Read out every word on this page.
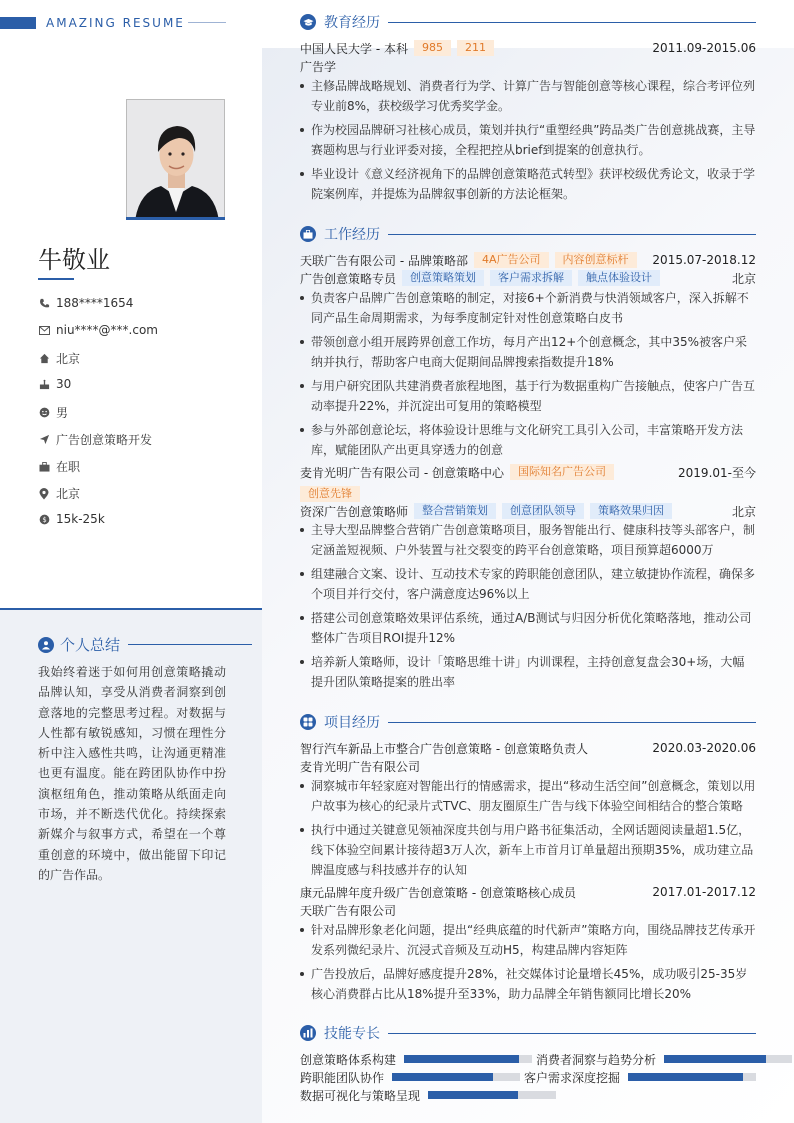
AMAZING RESUME
牛敬业
188****1654
niu****@***.com
北京
30
男
广告创意策略开发
在职
北京
$ 15k-25k
个人总结
我始终着迷于如何用创意策略撬动品牌认知，享受从消费者洞察到创意落地的完整思考过程。对数据与人性都有敏锐感知，习惯在理性分析中注入感性共鸣，让沟通更精准也更有温度。能在跨团队协作中扮演枢纽角色，推动策略从纸面走向市场，并不断迭代优化。持续探索新媒介与叙事方式，希望在一个尊重创意的环境中，做出能留下印记的广告作品。
教育经历
中国人民大学 - 本科	985	211	2011.09-2015.06
广告学
主修品牌战略规划、消费者行为学、计算广告与智能创意等核心课程，综合考评位列专业前8%，获校级学习优秀奖学金。
作为校园品牌研习社核心成员，策划并执行“重塑经典”跨品类广告创意挑战赛，主导赛题构思与行业评委对接，全程把控从brief到提案的创意执行。
毕业设计《意义经济视角下的品牌创意策略范式转型》获评校级优秀论文，收录于学院案例库，并提炼为品牌叙事创新的方法论框架。
工作经历
天联广告有限公司 - 品牌策略部	4A广告公司	内容创意标杆	2015.07-2018.12
广告创意策略专员	创意策略策划	客户需求拆解	触点体验设计	北京
负责客户品牌广告创意策略的制定，对接6+个新消费与快消领域客户，深入拆解不同产品生命周期需求，为每季度制定针对性创意策略白皮书
带领创意小组开展跨界创意工作坊，每月产出12+个创意概念，其中35%被客户采纳并执行，帮助客户电商大促期间品牌搜索指数提升18%
与用户研究团队共建消费者旅程地图，基于行为数据重构广告接触点，使客户广告互动率提升22%，并沉淀出可复用的策略模型
参与外部创意论坛，将体验设计思维与文化研究工具引入公司，丰富策略开发方法库，赋能团队产出更具穿透力的创意
麦肯光明广告有限公司 - 创意策略中心	国际知名广告公司	2019.01-至今
创意先锋
资深广告创意策略师	整合营销策划	创意团队领导	策略效果归因	北京
主导大型品牌整合营销广告创意策略项目，服务智能出行、健康科技等头部客户，制定涵盖短视频、户外装置与社交裂变的跨平台创意策略，项目预算超6000万
组建融合文案、设计、互动技术专家的跨职能创意团队，建立敏捷协作流程，确保多个项目并行交付，客户满意度达96%以上
搭建公司创意策略效果评估系统，通过A/B测试与归因分析优化策略落地，推动公司整体广告项目ROI提升12%
培养新人策略师，设计「策略思维十讲」内训课程，主持创意复盘会30+场，大幅提升团队策略提案的胜出率
项目经历
智行汽车新品上市整合广告创意策略 - 创意策略负责人	2020.03-2020.06
麦肯光明广告有限公司
洞察城市年轻家庭对智能出行的情感需求，提出“移动生活空间”创意概念，策划以用户故事为核心的纪录片式TVC、朋友圈原生广告与线下体验空间相结合的整合策略
执行中通过关键意见领袖深度共创与用户路书征集活动，全网话题阅读量超1.5亿，线下体验空间累计接待超3万人次，新车上市首月订单量超出预期35%，成功建立品牌温度感与科技感并存的认知
康元品牌年度升级广告创意策略 - 创意策略核心成员	2017.01-2017.12
天联广告有限公司
针对品牌形象老化问题，提出“经典底蕴的时代新声”策略方向，围绕品牌技艺传承开发系列微纪录片、沉浸式音频及互动H5，构建品牌内容矩阵
广告投放后，品牌好感度提升28%，社交媒体讨论量增长45%，成功吸引25-35岁核心消费群占比从18%提升至33%，助力品牌全年销售额同比增长20%
技能专长
创意策略体系构建	消费者洞察与趋势分析
跨职能团队协作	客户需求深度挖掘
数据可视化与策略呈现
